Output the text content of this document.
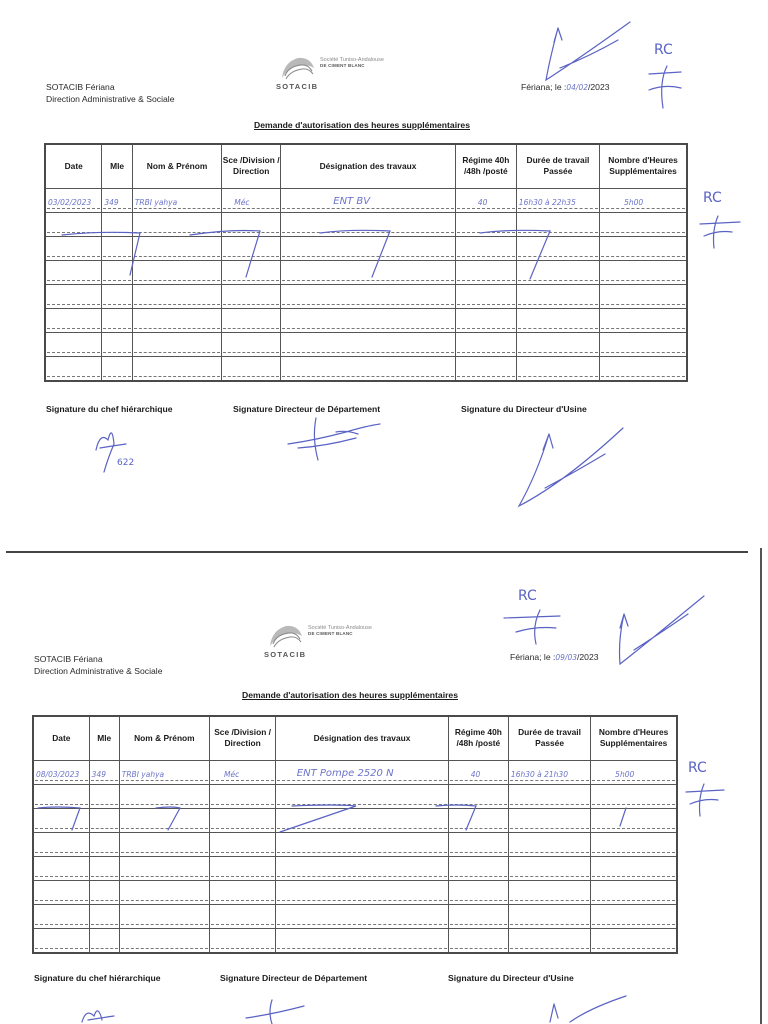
SOTACIB Fériana
Direction Administrative & Sociale
Société Tuniso-Andalouse
DE CIMENT BLANC
SOTACIB	Fériana; le :04/02/2023
Demande d'autorisation des heures supplémentaires
Date	Mle	Nom & Prénom	Sce /Division / Direction	Désignation des travaux	Régime 40h /48h /posté	Durée de travail Passée	Nombre d'Heures Supplémentaires

03/02/2023	349	TRBI yahya	Méc	ENT BV	40	16h30 à 22h35	5h00

Signature du chef hiérarchique	Signature Directeur de Département	Signature du Directeur d'Usine
RC
RC
622
SOTACIB Fériana
Direction Administrative & Sociale
Société Tuniso-Andalouse
DE CIMENT BLANC
SOTACIB	Fériana; le :09/03/2023
Demande d'autorisation des heures supplémentaires
Date	Mle	Nom & Prénom	Sce /Division / Direction	Désignation des travaux	Régime 40h /48h /posté	Durée de travail Passée	Nombre d'Heures Supplémentaires

08/03/2023	349	TRBI yahya	Méc	ENT Pompe 2520 N	40	16h30 à 21h30	5h00

Signature du chef hiérarchique	Signature Directeur de Département	Signature du Directeur d'Usine
RC
RC
